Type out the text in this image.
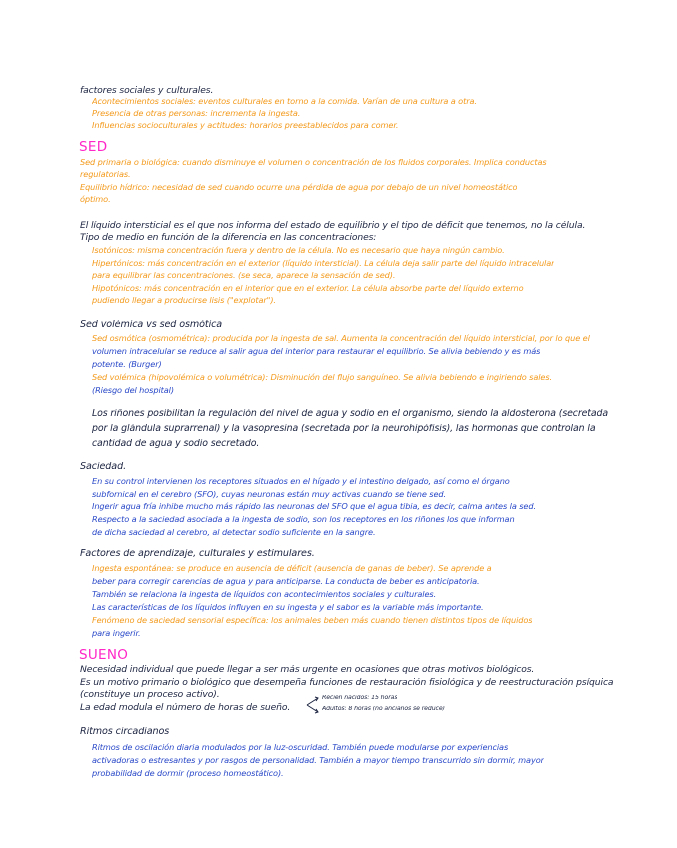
factores sociales y culturales.
Acontecimientos sociales: eventos culturales en torno a la comida. Varían de una cultura a otra.
Presencia de otras personas: incrementa la ingesta.
Influencias socioculturales y actitudes: horarios preestablecidos para comer.
SED
Sed primaria o biológica: cuando disminuye el volumen o concentración de los fluidos corporales. Implica conductas
regulatorias.
Equilibrio hídrico: necesidad de sed cuando ocurre una pérdida de agua por debajo de un nivel homeostático
óptimo.
El líquido intersticial es el que nos informa del estado de equilibrio y el tipo de déficit que tenemos, no la célula.
Tipo de medio en función de la diferencia en las concentraciones:
Isotónicos: misma concentración fuera y dentro de la célula. No es necesario que haya ningún cambio.
Hipertónicos: más concentración en el exterior (líquido intersticial). La célula deja salir parte del líquido intracelular
para equilibrar las concentraciones. (se seca, aparece la sensación de sed).
Hipotónicos: más concentración en el interior que en el exterior. La célula absorbe parte del líquido externo
pudiendo llegar a producirse lisis ("explotar").
Sed volémica vs sed osmótica
Sed osmótica (osmométrica): producida por la ingesta de sal. Aumenta la concentración del líquido intersticial, por lo que el
volumen intracelular se reduce al salir agua del interior para restaurar el equilibrio. Se alivia bebiendo y es más
potente. (Burger)
Sed volémica (hipovolémica o volumétrica): Disminución del flujo sanguíneo. Se alivia bebiendo e ingiriendo sales.
(Riesgo del hospital)
Los riñones posibilitan la regulación del nivel de agua y sodio en el organismo, siendo la aldosterona (secretada
por la glándula suprarrenal) y la vasopresina (secretada por la neurohipófisis), las hormonas que controlan la
cantidad de agua y sodio secretado.
Saciedad.
En su control intervienen los receptores situados en el hígado y el intestino delgado, así como el órgano
subfornical en el cerebro (SFO), cuyas neuronas están muy activas cuando se tiene sed.
Ingerir agua fría inhibe mucho más rápido las neuronas del SFO que el agua tibia, es decir, calma antes la sed.
Respecto a la saciedad asociada a la ingesta de sodio, son los receptores en los riñones los que informan
de dicha saciedad al cerebro, al detectar sodio suficiente en la sangre.
Factores de aprendizaje, culturales y estímulares.
Ingesta espontánea: se produce en ausencia de déficit (ausencia de ganas de beber). Se aprende a
beber para corregir carencias de agua y para anticiparse. La conducta de beber es anticipatoria.
También se relaciona la ingesta de líquidos con acontecimientos sociales y culturales.
Las características de los líquidos influyen en su ingesta y el sabor es la variable más importante.
Fenómeno de saciedad sensorial específica: los animales beben más cuando tienen distintos tipos de líquidos
para ingerir.
SUEÑO
Necesidad individual que puede llegar a ser más urgente en ocasiones que otras motivos biológicos.
Es un motivo primario o biológico que desempeña funciones de restauración fisiológica y de reestructuración psíquica
(constituye un proceso activo).
La edad modula el número de horas de sueño.
Recién nacidos: 15 horas
Adultos: 8 horas (no ancianos se reduce)
Ritmos circadianos
Ritmos de oscilación diaria modulados por la luz-oscuridad. También puede modularse por experiencias
activadoras o estresantes y por rasgos de personalidad. También a mayor tiempo transcurrido sin dormir, mayor
probabilidad de dormir (proceso homeostático).
